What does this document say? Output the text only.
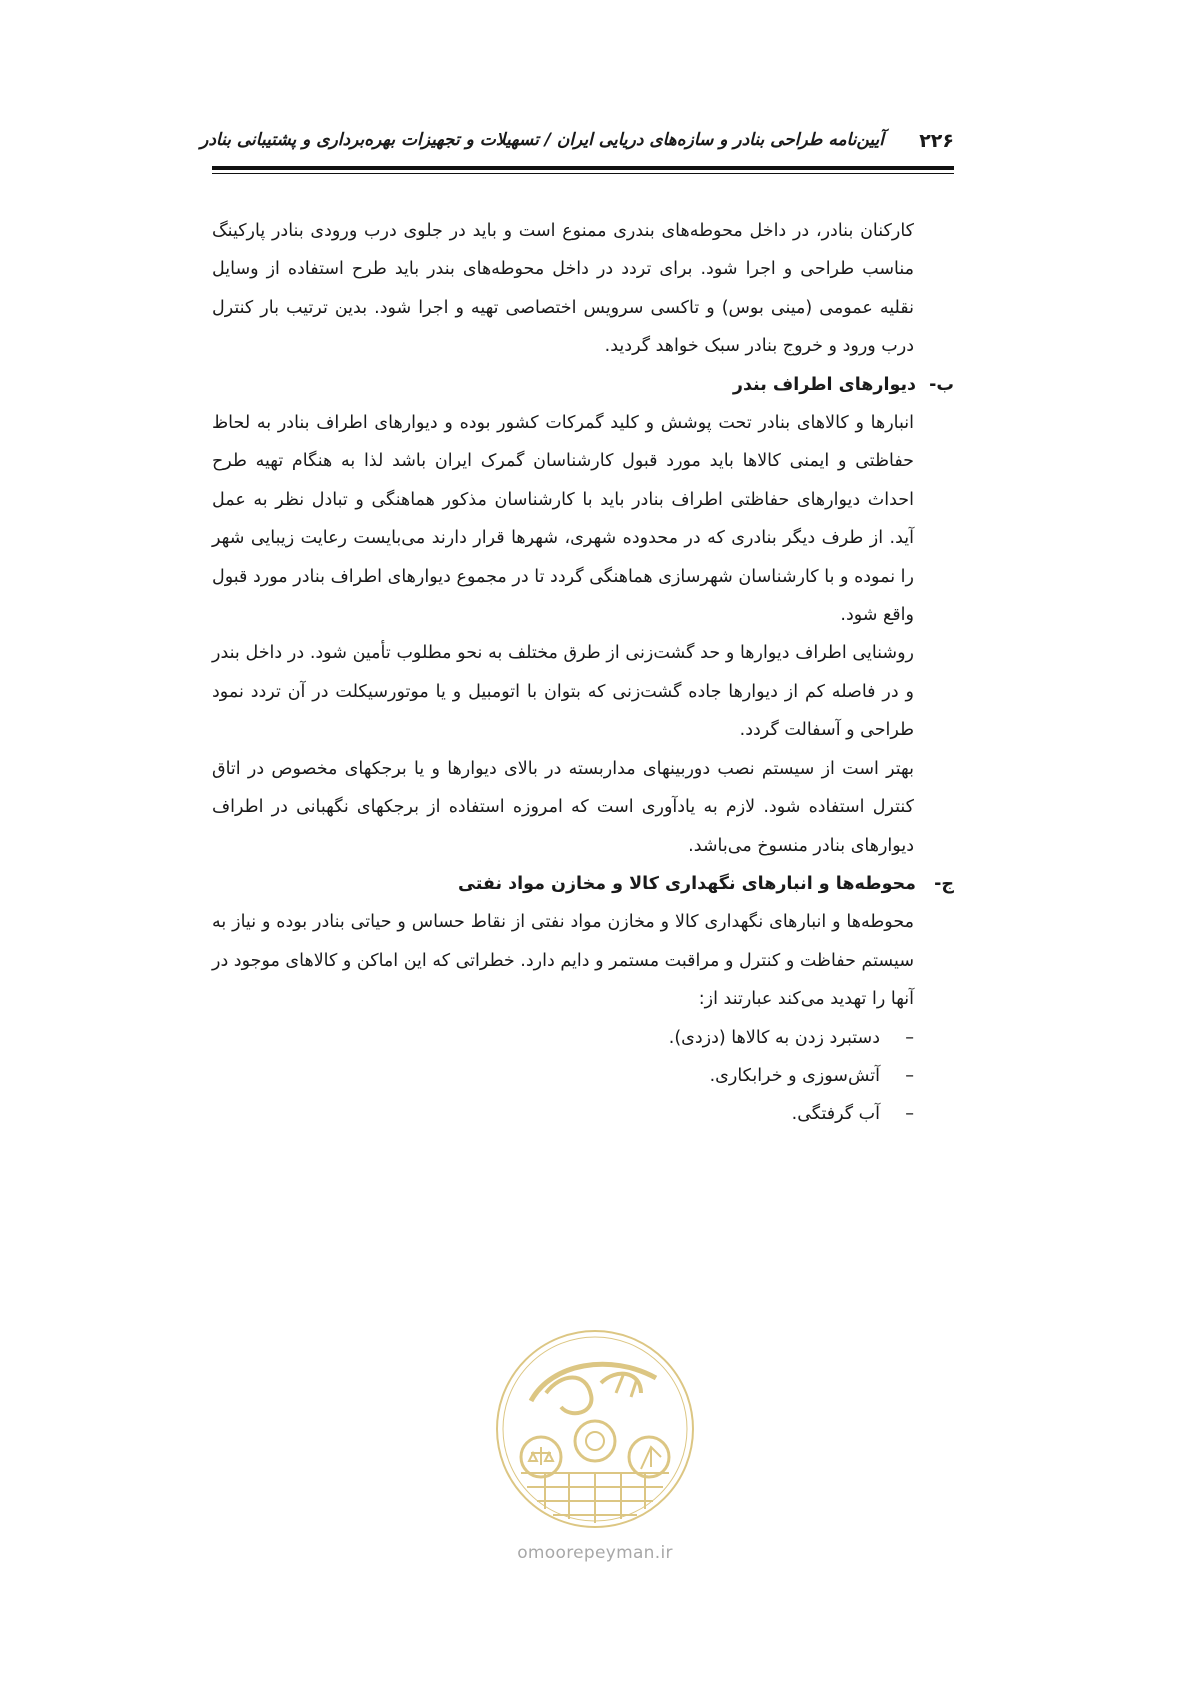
۲۲۶
آیین‌نامه طراحی بنادر و سازه‌های دریایی ایران / تسهیلات و تجهیزات بهره‌برداری و پشتیبانی بنادر

کارکنان بنادر، در داخل محوطه‌های بندری ممنوع است و باید در جلوی درب ورودی بنادر پارکینگ مناسب طراحی و اجرا شود. برای تردد در داخل محوطه‌های بندر باید طرح استفاده از وسایل نقلیه عمومی (مینی بوس) و تاکسی سرویس اختصاصی تهیه و اجرا شود. بدین ترتیب بار کنترل درب ورود و خروج بنادر سبک خواهد گردید.

ب-دیوارهای اطراف بندر

انبارها و کالاهای بنادر تحت پوشش و کلید گمرکات کشور بوده و دیوارهای اطراف بنادر به لحاظ حفاظتی و ایمنی کالاها باید مورد قبول کارشناسان گمرک ایران باشد لذا به هنگام تهیه طرح احداث دیوارهای حفاظتی اطراف بنادر باید با کارشناسان مذکور هماهنگی و تبادل نظر به عمل آید. از طرف دیگر بنادری که در محدوده شهری، شهرها قرار دارند می‌بایست رعایت زیبایی شهر را نموده و با کارشناسان شهرسازی هماهنگی گردد تا در مجموع دیوارهای اطراف بنادر مورد قبول واقع شود.

روشنایی اطراف دیوارها و حد گشت‌زنی از طرق مختلف به نحو مطلوب تأمین شود. در داخل بندر و در فاصله کم از دیوارها جاده گشت‌زنی که بتوان با اتومبیل و یا موتورسیکلت در آن تردد نمود طراحی و آسفالت گردد.

بهتر است از سیستم نصب دوربینهای مداربسته در بالای دیوارها و یا برجکهای مخصوص در اتاق کنترل استفاده شود. لازم به یادآوری است که امروزه استفاده از برجکهای نگهبانی در اطراف دیوارهای بنادر منسوخ می‌باشد.

ج-محوطه‌ها و انبارهای نگهداری کالا و مخازن مواد نفتی

محوطه‌ها و انبارهای نگهداری کالا و مخازن مواد نفتی از نقاط حساس و حیاتی بنادر بوده و نیاز به سیستم حفاظت و کنترل و مراقبت مستمر و دایم دارد. خطراتی که این اماکن و کالاهای موجود در آنها را تهدید می‌کند عبارتند از:

–
دستبرد زدن به کالاها (دزدی).
–
آتش‌سوزی و خرابکاری.
–
آب گرفتگی.
omoorepeyman.ir
